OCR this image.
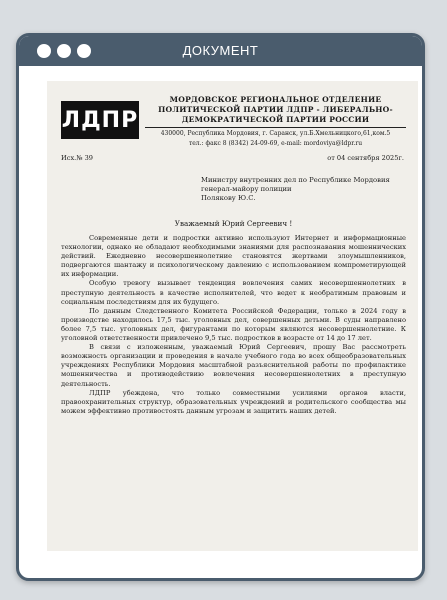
ДОКУМЕНТ
ЛДПР
МОРДОВСКОЕ РЕГИОНАЛЬНОЕ ОТДЕЛЕНИЕ ПОЛИТИЧЕСКОЙ ПАРТИИ ЛДПР - ЛИБЕРАЛЬНО-ДЕМОКРАТИЧЕСКОЙ ПАРТИИ РОССИИ
430000, Республика Мордовия, г. Саранск, ул.Б.Хмельницкого,61,ком.5
тел.: факс 8 (8342) 24-09-69, e-mail: mordoviya@ldpr.ru
Исх.№ 39	от 04 сентября 2025г.
Министру внутренних дел по Республике Мордовия
генерал-майору полиции
Полякову Ю.С.
Уважаемый Юрий Сергеевич !

Современные дети и подростки активно используют Интернет и информационные технологии, однако не обладают необходимыми знаниями для распознавания мошеннических действий. Ежедневно несовершеннолетние становятся жертвами злоумышленников, подвергаются шантажу и психологическому давлению с использованием компрометирующей их информации.

Особую тревогу вызывает тенденция вовлечения самих несовершеннолетних в преступную деятельность в качестве исполнителей, что ведет к необратимым правовым и социальным последствиям для их будущего.

По данным Следственного Комитета Российской Федерации, только в 2024 году в производстве находилось 17,5 тыс. уголовных дел, совершенных детьми. В суды направлено более 7,5 тыс. уголовных дел, фигурантами по которым являются несовершеннолетние. К уголовной ответственности привлечено 9,5 тыс. подростков в возрасте от 14 до 17 лет.

В связи с изложенным, уважаемый Юрий Сергеевич, прошу Вас рассмотреть возможность организации и проведения в начале учебного года во всех общеобразовательных учреждениях Республики Мордовия масштабной разъяснительной работы по профилактике мошенничества и противодействию вовлечения несовершеннолетних в преступную деятельность.

ЛДПР убеждена, что только совместными усилиями органов власти, правоохранительных структур, образовательных учреждений и родительского сообщества мы можем эффективно противостоять данным угрозам и защитить наших детей.
